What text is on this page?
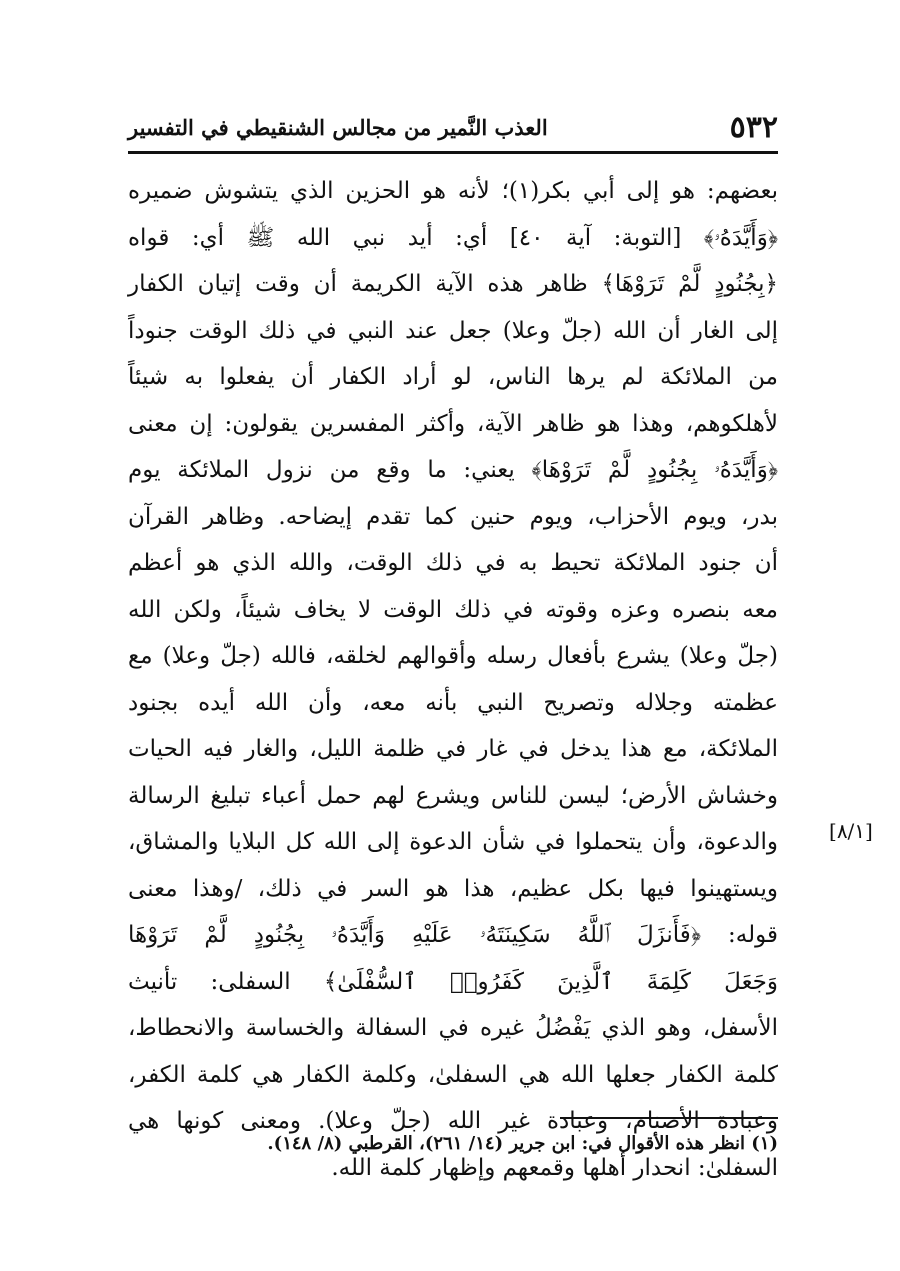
٥٣٢
العذب النَّمير من مجالس الشنقيطي في التفسير
بعضهم: هو إلى أبي بكر(١)؛ لأنه هو الحزين الذي يتشوش ضميره
﴿وَأَيَّدَهُۥ﴾ [التوبة: آية ٤٠] أي: أيد نبي الله ﷺ أي: قواه
﴿بِجُنُودٍ لَّمْ تَرَوْهَا﴾ ظاهر هذه الآية الكريمة أن وقت إتيان الكفار
إلى الغار أن الله (جلّ وعلا) جعل عند النبي في ذلك الوقت جنوداً
من الملائكة لم يرها الناس، لو أراد الكفار أن يفعلوا به شيئاً
لأهلكوهم، وهذا هو ظاهر الآية، وأكثر المفسرين يقولون: إن معنى
﴿وَأَيَّدَهُۥ بِجُنُودٍ لَّمْ تَرَوْهَا﴾ يعني: ما وقع من نزول الملائكة يوم
بدر، ويوم الأحزاب، ويوم حنين كما تقدم إيضاحه. وظاهر القرآن
أن جنود الملائكة تحيط به في ذلك الوقت، والله الذي هو أعظم
معه بنصره وعزه وقوته في ذلك الوقت لا يخاف شيئاً، ولكن الله
(جلّ وعلا) يشرع بأفعال رسله وأقوالهم لخلقه، فالله (جلّ وعلا) مع
عظمته وجلاله وتصريح النبي بأنه معه، وأن الله أيده بجنود
الملائكة، مع هذا يدخل في غار في ظلمة الليل، والغار فيه الحيات
وخشاش الأرض؛ ليسن للناس ويشرع لهم حمل أعباء تبليغ الرسالة
والدعوة، وأن يتحملوا في شأن الدعوة إلى الله كل البلايا والمشاق،
ويستهينوا فيها بكل عظيم، هذا هو السر في ذلك، /وهذا معنى
قوله: ﴿فَأَنزَلَ ٱللَّهُ سَكِينَتَهُۥ عَلَيْهِ وَأَيَّدَهُۥ بِجُنُودٍ لَّمْ تَرَوْهَا
وَجَعَلَ كَلِمَةَ ٱلَّذِينَ كَفَرُوا۟ ٱلسُّفْلَىٰ﴾ السفلى: تأنيث
الأسفل، وهو الذي يَفْضُلُ غيره في السفالة والخساسة والانحطاط،
كلمة الكفار جعلها الله هي السفلىٰ، وكلمة الكفار هي كلمة الكفر،
وعبادة الأصنام، وعبادة غير الله (جلّ وعلا). ومعنى كونها هي
السفلىٰ: انحدار أهلها وقمعهم وإظهار كلمة الله.
[٨/١]
(١) انظر هذه الأقوال في: ابن جرير (١٤/ ٢٦١)، القرطبي (٨/ ١٤٨).
